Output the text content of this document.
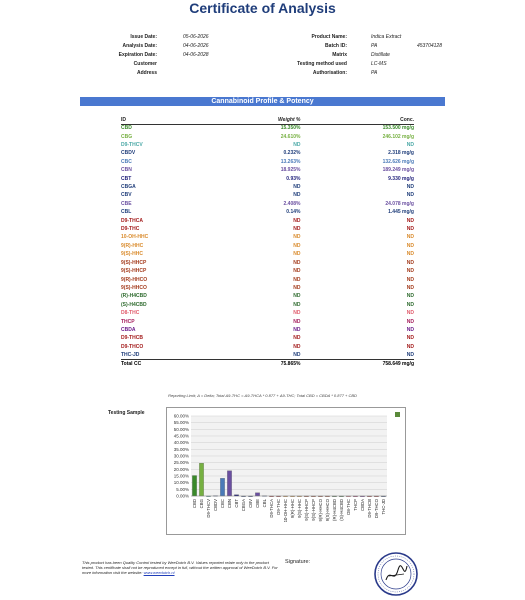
Certificate of Analysis
Issue Date:	05-06-2026
Analysis Date:	04-06-2026
Expiration Date:	04-06-2028
Customer
Address
Product Name:	Indica Extract
Batch ID:	PA	453704128
Matrix	Distillate
Testing method used	LC-MS
Authorisation:	PA
Cannabinoid Profile & Potency
ID	Weight %	Conc.
CBD	15.350%	153.500 mg/g
CBG	24.610%	246.102 mg/g
D9-THCV	ND	ND
CBDV	0.232%	2.318 mg/g
CBC	13.263%	132.626 mg/g
CBN	18.925%	189.249 mg/g
CBT	0.93%	9.330 mg/g
CBGA	ND	ND
CBV	ND	ND
CBE	2.408%	24.078 mg/g
CBL	0.14%	1.445 mg/g
D9-THCA	ND	ND
D9-THC	ND	ND
10-OH-HHC	ND	ND
9(R)-HHC	ND	ND
9(S)-HHC	ND	ND
9(S)-HHCP	ND	ND
9(S)-HHCP	ND	ND
9(R)-HHCO	ND	ND
9(S)-HHCO	ND	ND
(R)-H4CBD	ND	ND
(S)-H4CBD	ND	ND
D8-THC	ND	ND
THCP	ND	ND
CBDA	ND	ND
D9-THCB	ND	ND
D9-THCO	ND	ND
THC-JD	ND	ND
Total CC	75.865%	758.649 mg/g
Reporting Limit; Δ = Delta; Total Δ9-THC = Δ9-THCA * 0.877 + Δ9-THC; Total CBD = CBDA * 0.877 + CBD
Testing Sample
0.00%
5.00%
10.00%
15.00%
20.00%
25.00%
30.00%
35.00%
40.00%
45.00%
50.00%
55.00%
60.00%
CBD CBG D9-THCV CBDV CBC CBN CBT CBGA CBV CBE CBL D9-THCA D9-THC 10-OH-HHC 9(R)-HHC 9(S)-HHC 9(S)-HHCP 9(S)-HHCP 9(R)-HHCO 9(S)-HHCO (R)-H4CBD (S)-H4CBD D8-THC THCP CBDA D9-THCB D9-THCO THC-JD
This product has been Quality Control tested by WeeDutch B.V. Values reported relate only to the product tested. This certificate shall not be reproduced except in full, without the written approval of WeeDutch B.V. For more information visit the website: www.weedutch.nl
Signature:
